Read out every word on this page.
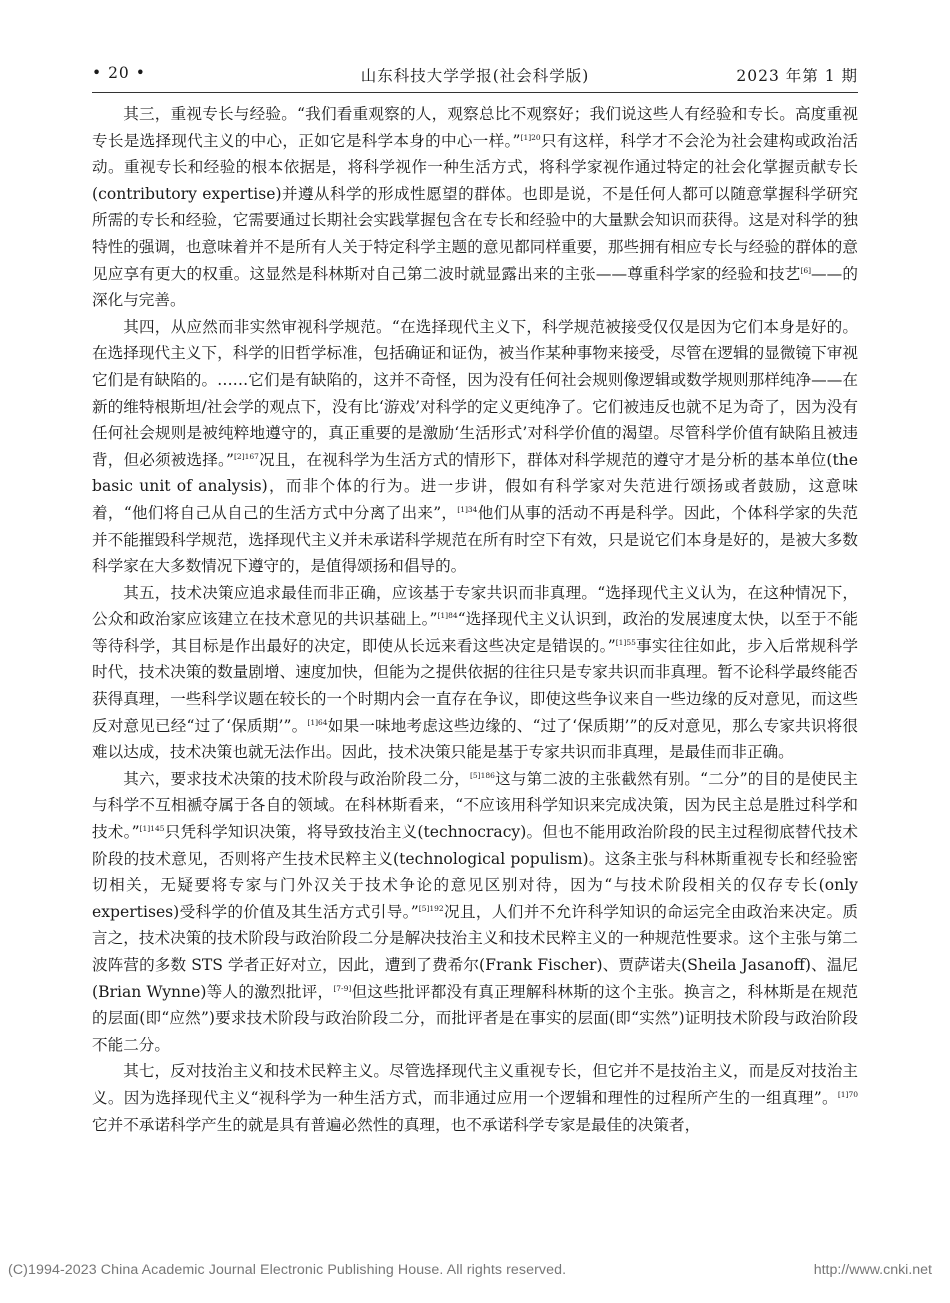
• 20 •	山东科技大学学报(社会科学版)	2023 年第 1 期

其三，重视专长与经验。“我们看重观察的人，观察总比不观察好；我们说这些人有经验和专长。高度重视专长是选择现代主义的中心，正如它是科学本身的中心一样。”$^{[1]20}$只有这样，科学才不会沦为社会建构或政治活动。重视专长和经验的根本依据是，将科学视作一种生活方式，将科学家视作通过特定的社会化掌握贡献专长(contributory expertise)并遵从科学的形成性愿望的群体。也即是说，不是任何人都可以随意掌握科学研究所需的专长和经验，它需要通过长期社会实践掌握包含在专长和经验中的大量默会知识而获得。这是对科学的独特性的强调，也意味着并不是所有人关于特定科学主题的意见都同样重要，那些拥有相应专长与经验的群体的意见应享有更大的权重。这显然是科林斯对自己第二波时就显露出来的主张——尊重科学家的经验和技艺[6]——的深化与完善。

其四，从应然而非实然审视科学规范。“在选择现代主义下，科学规范被接受仅仅是因为它们本身是好的。在选择现代主义下，科学的旧哲学标准，包括确证和证伪，被当作某种事物来接受，尽管在逻辑的显微镜下审视它们是有缺陷的。……它们是有缺陷的，这并不奇怪，因为没有任何社会规则像逻辑或数学规则那样纯净——在新的维特根斯坦/社会学的观点下，没有比‘游戏’对科学的定义更纯净了。它们被违反也就不足为奇了，因为没有任何社会规则是被纯粹地遵守的，真正重要的是激励‘生活形式’对科学价值的渴望。尽管科学价值有缺陷且被违背，但必须被选择。”$^{[2]167}$况且，在视科学为生活方式的情形下，群体对科学规范的遵守才是分析的基本单位(the basic unit of analysis)，而非个体的行为。进一步讲，假如有科学家对失范进行颂扬或者鼓励，这意味着，“他们将自己从自己的生活方式中分离了出来”，$^{[1]34}$他们从事的活动不再是科学。因此，个体科学家的失范并不能摧毁科学规范，选择现代主义并未承诺科学规范在所有时空下有效，只是说它们本身是好的，是被大多数科学家在大多数情况下遵守的，是值得颂扬和倡导的。

其五，技术决策应追求最佳而非正确，应该基于专家共识而非真理。“选择现代主义认为，在这种情况下，公众和政治家应该建立在技术意见的共识基础上。”$^{[1]84}$“选择现代主义认识到，政治的发展速度太快，以至于不能等待科学，其目标是作出最好的决定，即使从长远来看这些决定是错误的。”$^{[1]55}$事实往往如此，步入后常规科学时代，技术决策的数量剧增、速度加快，但能为之提供依据的往往只是专家共识而非真理。暂不论科学最终能否获得真理，一些科学议题在较长的一个时期内会一直存在争议，即使这些争议来自一些边缘的反对意见，而这些反对意见已经“过了‘保质期’”。$^{[1]64}$如果一味地考虑这些边缘的、“过了‘保质期’”的反对意见，那么专家共识将很难以达成，技术决策也就无法作出。因此，技术决策只能是基于专家共识而非真理，是最佳而非正确。

其六，要求技术决策的技术阶段与政治阶段二分，$^{[5]186}$这与第二波的主张截然有别。“二分”的目的是使民主与科学不互相褫夺属于各自的领域。在科林斯看来，“不应该用科学知识来完成决策，因为民主总是胜过科学和技术。”$^{[1]145}$只凭科学知识决策，将导致技治主义(technocracy)。但也不能用政治阶段的民主过程彻底替代技术阶段的技术意见，否则将产生技术民粹主义(technological populism)。这条主张与科林斯重视专长和经验密切相关，无疑要将专家与门外汉关于技术争论的意见区别对待，因为“与技术阶段相关的仅存专长(only expertises)受科学的价值及其生活方式引导。”$^{[5]192}$况且，人们并不允许科学知识的命运完全由政治来决定。质言之，技术决策的技术阶段与政治阶段二分是解决技治主义和技术民粹主义的一种规范性要求。这个主张与第二波阵营的多数 STS 学者正好对立，因此，遭到了费希尔(Frank Fischer)、贾萨诺夫(Sheila Jasanoff)、温尼(Brian Wynne)等人的激烈批评，[7-9]但这些批评都没有真正理解科林斯的这个主张。换言之，科林斯是在规范的层面(即“应然”)要求技术阶段与政治阶段二分，而批评者是在事实的层面(即“实然”)证明技术阶段与政治阶段不能二分。

其七，反对技治主义和技术民粹主义。尽管选择现代主义重视专长，但它并不是技治主义，而是反对技治主义。因为选择现代主义“视科学为一种生活方式，而非通过应用一个逻辑和理性的过程所产生的一组真理”。$^{[1]70}$它并不承诺科学产生的就是具有普遍必然性的真理，也不承诺科学专家是最佳的决策者，

(C)1994-2023 China Academic Journal Electronic Publishing House. All rights reserved.	http://www.cnki.net
